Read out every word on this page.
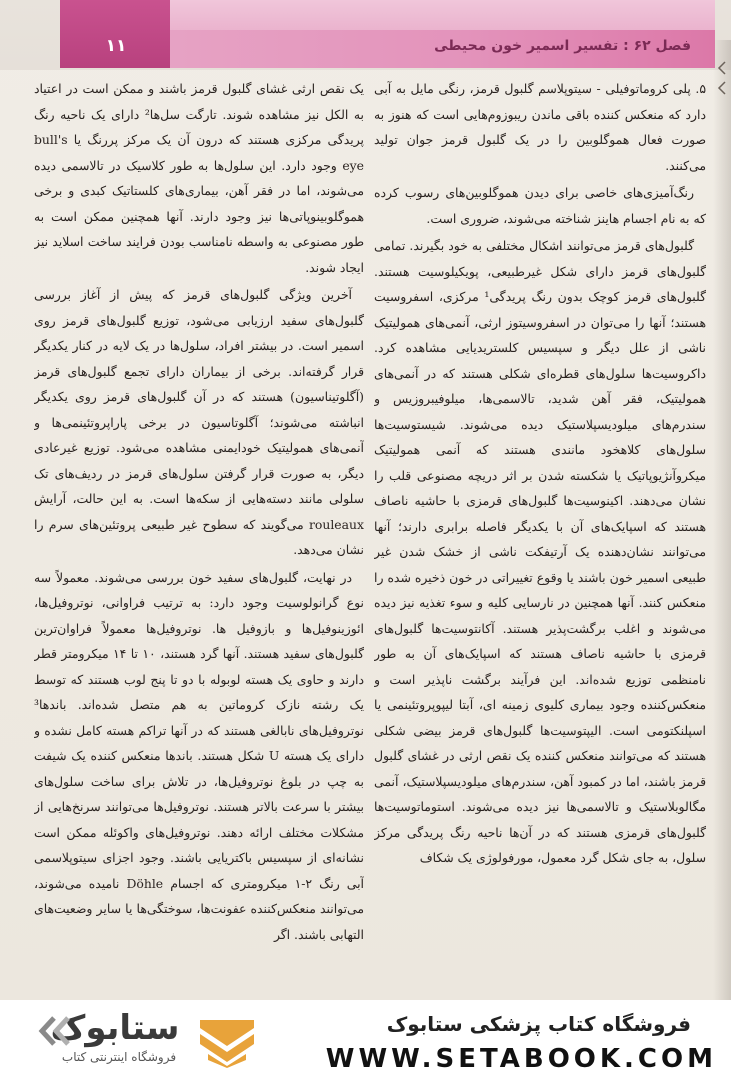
۱۱	فصل ۶۲ : تفسیر اسمیر خون محیطی

۵. پلی کروماتوفیلی - سیتوپلاسم گلبول قرمز، رنگی مایل به آبی دارد که منعکس کننده باقی ماندن ریبوزوم‌هایی است که هنوز به صورت فعال هموگلوبین را در یک گلبول قرمز جوان تولید می‌کنند.

رنگ‌آمیزی‌های خاصی برای دیدن هموگلوبین‌های رسوب کرده که به نام اجسام هاینز شناخته می‌شوند، ضروری است.

گلبول‌های قرمز می‌توانند اشکال مختلفی به خود بگیرند. تمامی گلبول‌های قرمز دارای شکل غیرطبیعی، پویکیلوسیت هستند. گلبول‌های قرمز کوچک بدون رنگ پریدگی¹ مرکزی، اسفروسیت هستند؛ آنها را می‌توان در اسفروسیتوز ارثی، آنمی‌های همولیتیک ناشی از علل دیگر و سپسیس کلستریدیایی مشاهده کرد. داکروسیت‌ها سلول‌های قطره‌ای شکلی هستند که در آنمی‌های همولیتیک، فقر آهن شدید، تالاسمی‌ها، میلوفیبروزیس و سندرم‌های میلودیسپلاستیک دیده می‌شوند. شیستوسیت‌ها سلول‌های کلاهخود مانندی هستند که آنمی همولیتیک میکروآنژیوپاتیک یا شکسته شدن بر اثر دریچه مصنوعی قلب را نشان می‌دهند. اکینوسیت‌ها گلبول‌های قرمزی با حاشیه ناصاف هستند که اسپایک‌های آن با یکدیگر فاصله برابری دارند؛ آنها می‌توانند نشان‌دهنده یک آرتیفکت ناشی از خشک شدن غیر طبیعی اسمیر خون باشند یا وقوع تغییراتی در خون ذخیره شده را منعکس کنند. آنها همچنین در نارسایی کلیه و سوء تغذیه نیز دیده می‌شوند و اغلب برگشت‌پذیر هستند. آکانتوسیت‌ها گلبول‌های قرمزی با حاشیه ناصاف هستند که اسپایک‌های آن به طور نامنظمی توزیع شده‌اند. این فرآیند برگشت ناپذیر است و منعکس‌کننده وجود بیماری کلیوی زمینه ای، آبتا لیپوپروتئینمی یا اسپلنکتومی است. الیپتوسیت‌ها گلبول‌های قرمز بیضی شکلی هستند که می‌توانند منعکس کننده یک نقص ارثی در غشای گلبول قرمز باشند، اما در کمبود آهن، سندرم‌های میلودیسپلاستیک، آنمی مگالوبلاستیک و تالاسمی‌ها نیز دیده می‌شوند. استوماتوسیت‌ها گلبول‌های قرمزی هستند که در آن‌ها ناحیه رنگ پریدگی مرکز سلول، به جای شکل گرد معمول، مورفولوژی یک شکاف

یک نقص ارثی غشای گلبول قرمز باشند و ممکن است در اعتیاد به الکل نیز مشاهده شوند. تارگت سل‌ها² دارای یک ناحیه رنگ پریدگی مرکزی هستند که درون آن یک مرکز پررنگ یا bull's eye وجود دارد. این سلول‌ها به طور کلاسیک در تالاسمی دیده می‌شوند، اما در فقر آهن، بیماری‌های کلستاتیک کبدی و برخی هموگلوبینوپاتی‌ها نیز وجود دارند. آنها همچنین ممکن است به طور مصنوعی به واسطه نامناسب بودن فرایند ساخت اسلاید نیز ایجاد شوند.

آخرین ویژگی گلبول‌های قرمز که پیش از آغاز بررسی گلبول‌های سفید ارزیابی می‌شود، توزیع گلبول‌های قرمز روی اسمیر است. در بیشتر افراد، سلول‌ها در یک لایه در کنار یکدیگر قرار گرفته‌اند. برخی از بیماران دارای تجمع گلبول‌های قرمز (آگلوتیناسیون) هستند که در آن گلبول‌های قرمز روی یکدیگر انباشته می‌شوند؛ آگلوتاسیون در برخی پاراپروتئینمی‌ها و آنمی‌های همولیتیک خودایمنی مشاهده می‌شود. توزیع غیرعادی دیگر، به صورت قرار گرفتن سلول‌های قرمز در ردیف‌های تک سلولی مانند دسته‌هایی از سکه‌ها است. به این حالت، آرایش rouleaux می‌گویند که سطوح غیر طبیعی پروتئین‌های سرم را نشان می‌دهد.

در نهایت، گلبول‌های سفید خون بررسی می‌شوند. معمولاً سه نوع گرانولوسیت وجود دارد: به ترتیب فراوانی، نوتروفیل‌ها، ائوزینوفیل‌ها و بازوفیل ها. نوتروفیل‌ها معمولاً فراوان‌ترین گلبول‌های سفید هستند. آنها گرد هستند، ۱۰ تا ۱۴ میکرومتر قطر دارند و حاوی یک هسته لوبوله با دو تا پنج لوب هستند که توسط یک رشته نازک کروماتین به هم متصل شده‌اند. باندها³ نوتروفیل‌های نابالغی هستند که در آنها تراکم هسته کامل نشده و دارای یک هسته U شکل هستند. باندها منعکس کننده یک شیفت به چپ در بلوغ نوتروفیل‌ها، در تلاش برای ساخت سلول‌های بیشتر با سرعت بالاتر هستند. نوتروفیل‌ها می‌توانند سرنخ‌هایی از مشکلات مختلف ارائه دهند. نوتروفیل‌های واکوئله ممکن است نشانه‌ای از سپسیس باکتریایی باشند. وجود اجزای سیتوپلاسمی آبی رنگ ۲-۱ میکرومتری که اجسام Döhle نامیده می‌شوند، می‌توانند منعکس‌کننده عفونت‌ها، سوختگی‌ها یا سایر وضعیت‌های التهابی باشند. اگر

فروشگاه کتاب پزشکی ستابوک
WWW.SETABOOK.COM
ستابوک
فروشگاه اینترنتی کتاب
